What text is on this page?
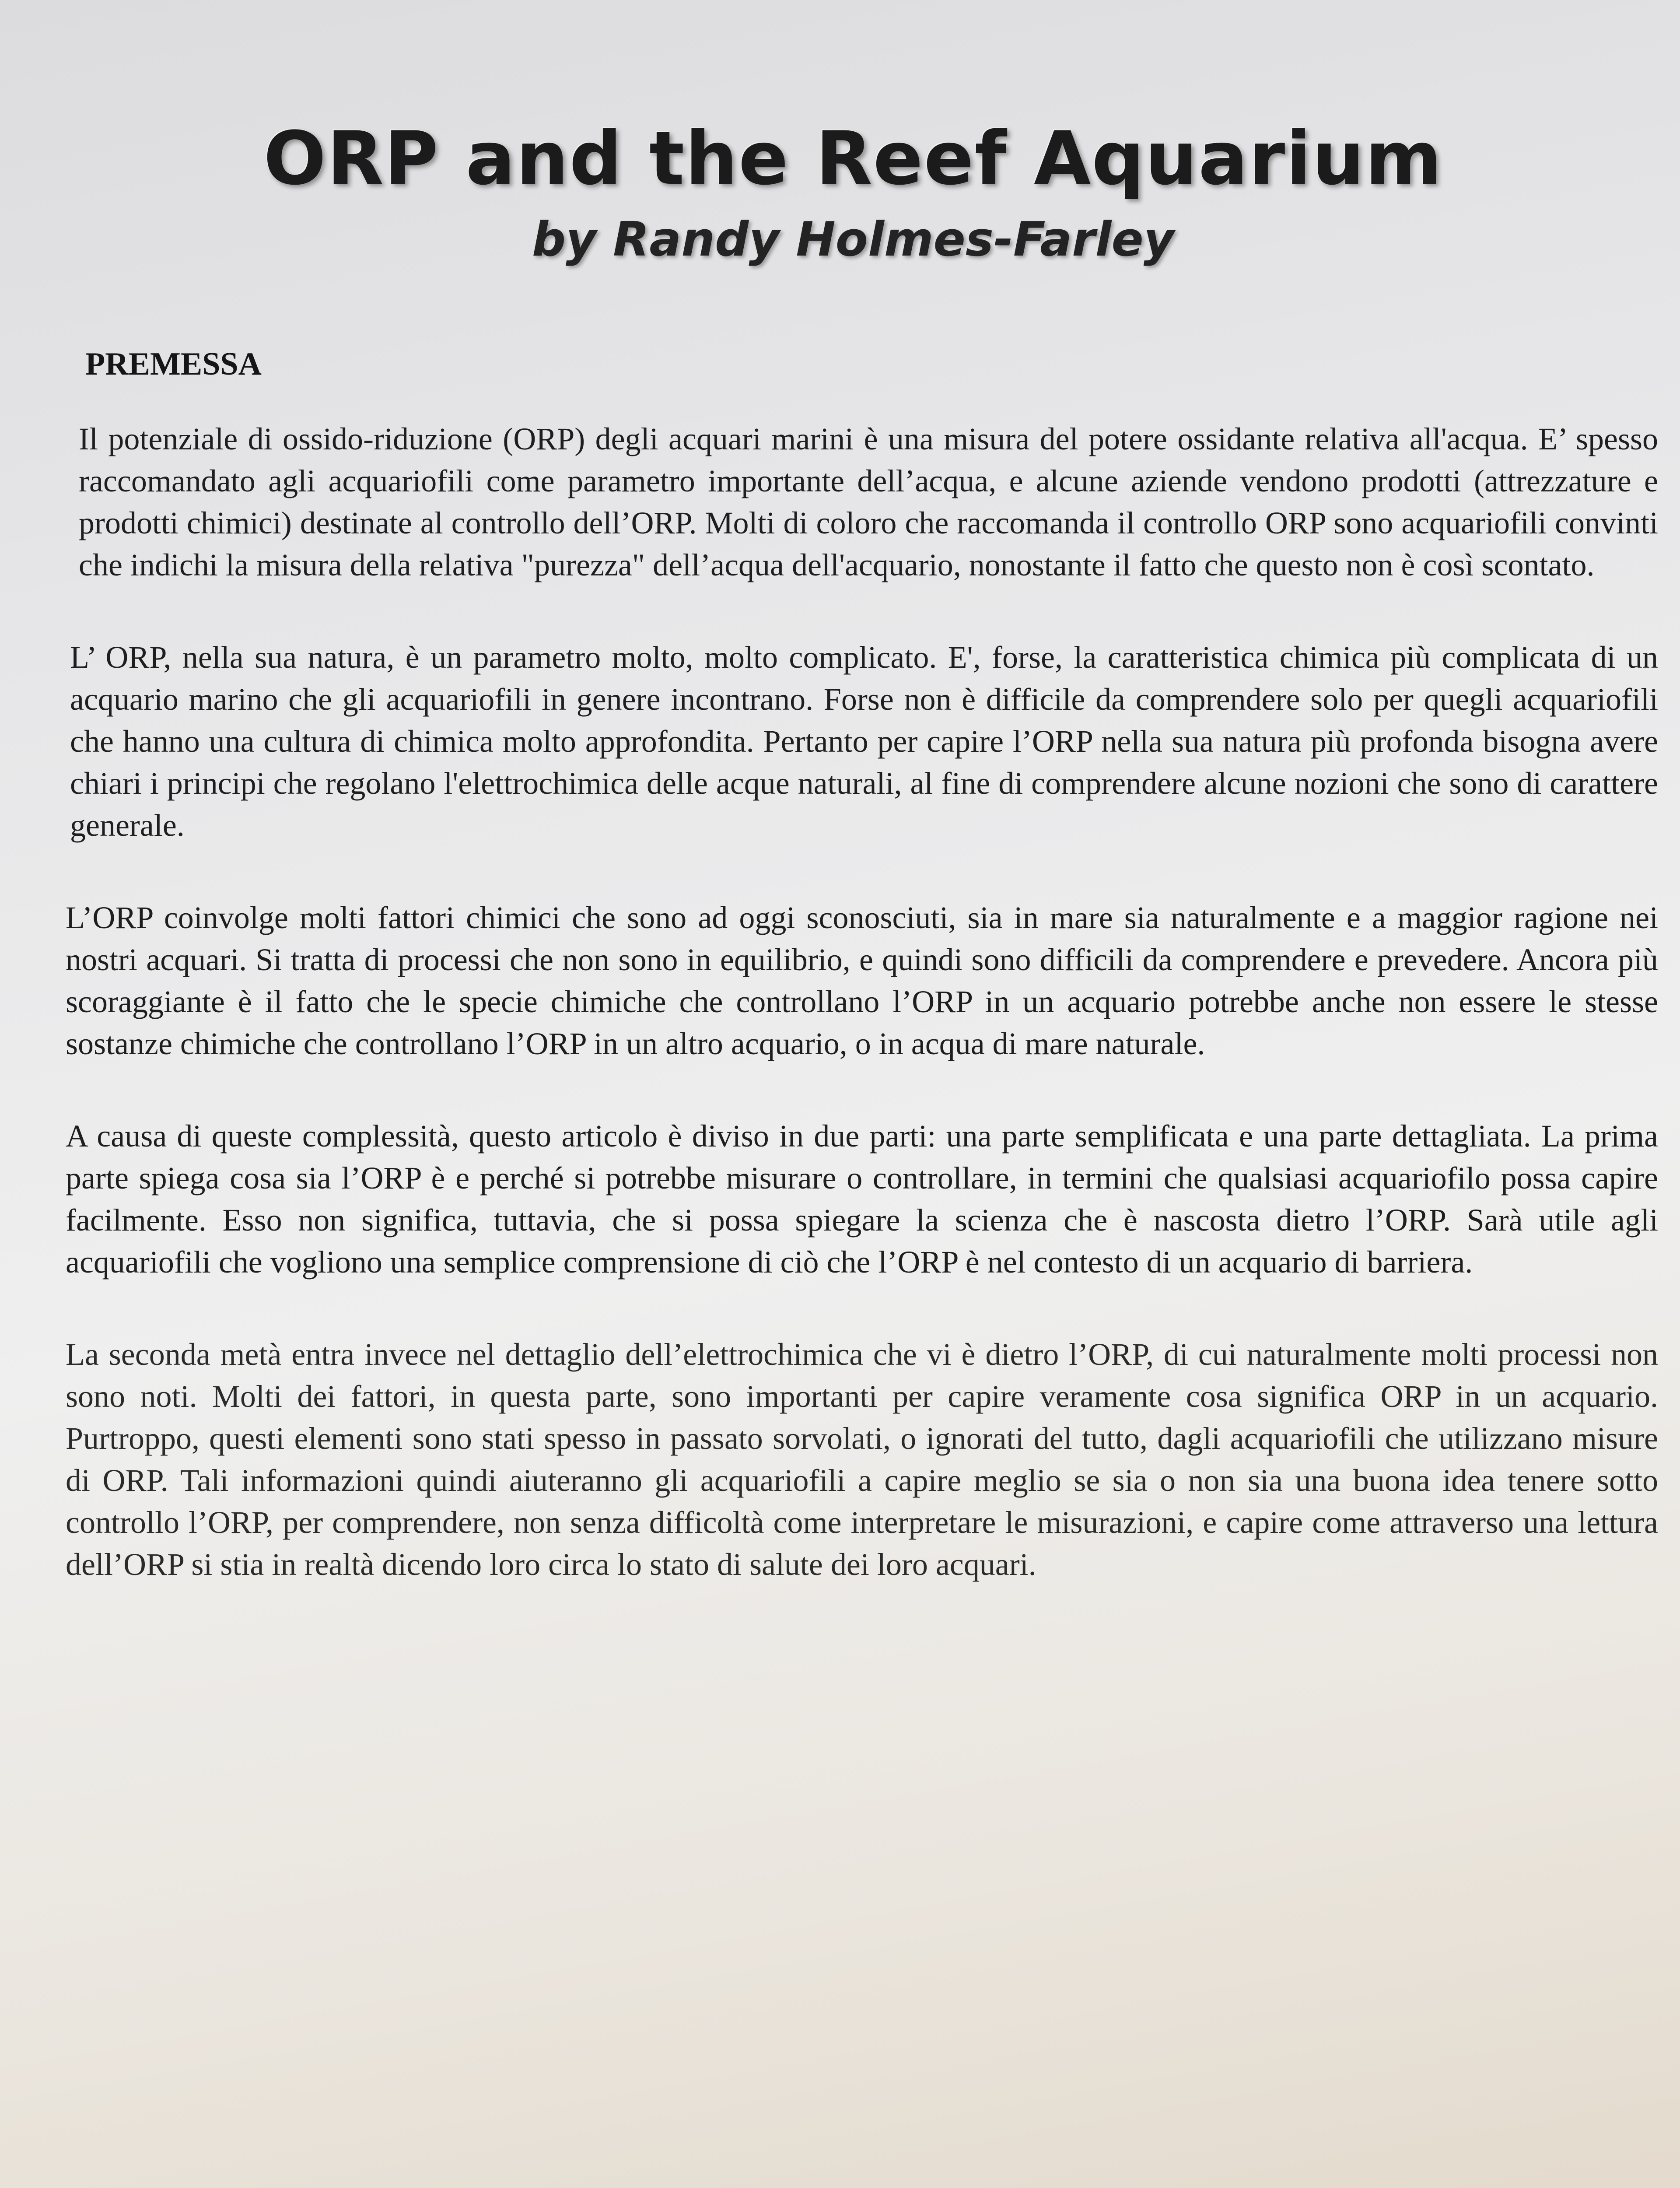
ORP and the Reef Aquarium
by Randy Holmes-Farley
PREMESSA

Il potenziale di ossido-riduzione (ORP) degli acquari marini è una misura del potere ossidante relativa all'acqua. E’ spesso raccomandato agli acquariofili come parametro importante dell’acqua, e alcune aziende vendono prodotti (attrezzature e prodotti chimici) destinate al controllo dell’ORP. Molti di coloro che raccomanda il controllo ORP sono acquariofili convinti che indichi la misura della relativa "purezza" dell’acqua dell'acquario, nonostante il fatto che questo non è così scontato.

L’ ORP, nella sua natura, è un parametro molto, molto complicato. E', forse, la caratteristica chimica più complicata di un acquario marino che gli acquariofili in genere incontrano. Forse non è difficile da comprendere solo per quegli acquariofili che hanno una cultura di chimica molto approfondita. Pertanto per capire l’ORP nella sua natura più profonda bisogna avere chiari i principi che regolano l'elettrochimica delle acque naturali, al fine di comprendere alcune nozioni che sono di carattere generale.

L’ORP coinvolge molti fattori chimici che sono ad oggi sconosciuti, sia in mare sia naturalmente e a maggior ragione nei nostri acquari. Si tratta di processi che non sono in equilibrio, e quindi sono difficili da comprendere e prevedere. Ancora più scoraggiante è il fatto che le specie chimiche che controllano l’ORP in un acquario potrebbe anche non essere le stesse sostanze chimiche che controllano l’ORP in un altro acquario, o in acqua di mare naturale.

A causa di queste complessità, questo articolo è diviso in due parti: una parte semplificata e una parte dettagliata. La prima parte spiega cosa sia l’ORP è e perché si potrebbe misurare o controllare, in termini che qualsiasi acquariofilo possa capire facilmente. Esso non significa, tuttavia, che si possa spiegare la scienza che è nascosta dietro l’ORP. Sarà utile agli acquariofili che vogliono una semplice comprensione di ciò che l’ORP è nel contesto di un acquario di barriera.

La seconda metà entra invece nel dettaglio dell’elettrochimica che vi è dietro l’ORP, di cui naturalmente molti processi non sono noti. Molti dei fattori, in questa parte, sono importanti per capire veramente cosa significa ORP in un acquario. Purtroppo, questi elementi sono stati spesso in passato sorvolati, o ignorati del tutto, dagli acquariofili che utilizzano misure di ORP. Tali informazioni quindi aiuteranno gli acquariofili a capire meglio se sia o non sia una buona idea tenere sotto controllo l’ORP, per comprendere, non senza difficoltà come interpretare le misurazioni, e capire come attraverso una lettura dell’ORP si stia in realtà dicendo loro circa lo stato di salute dei loro acquari.
